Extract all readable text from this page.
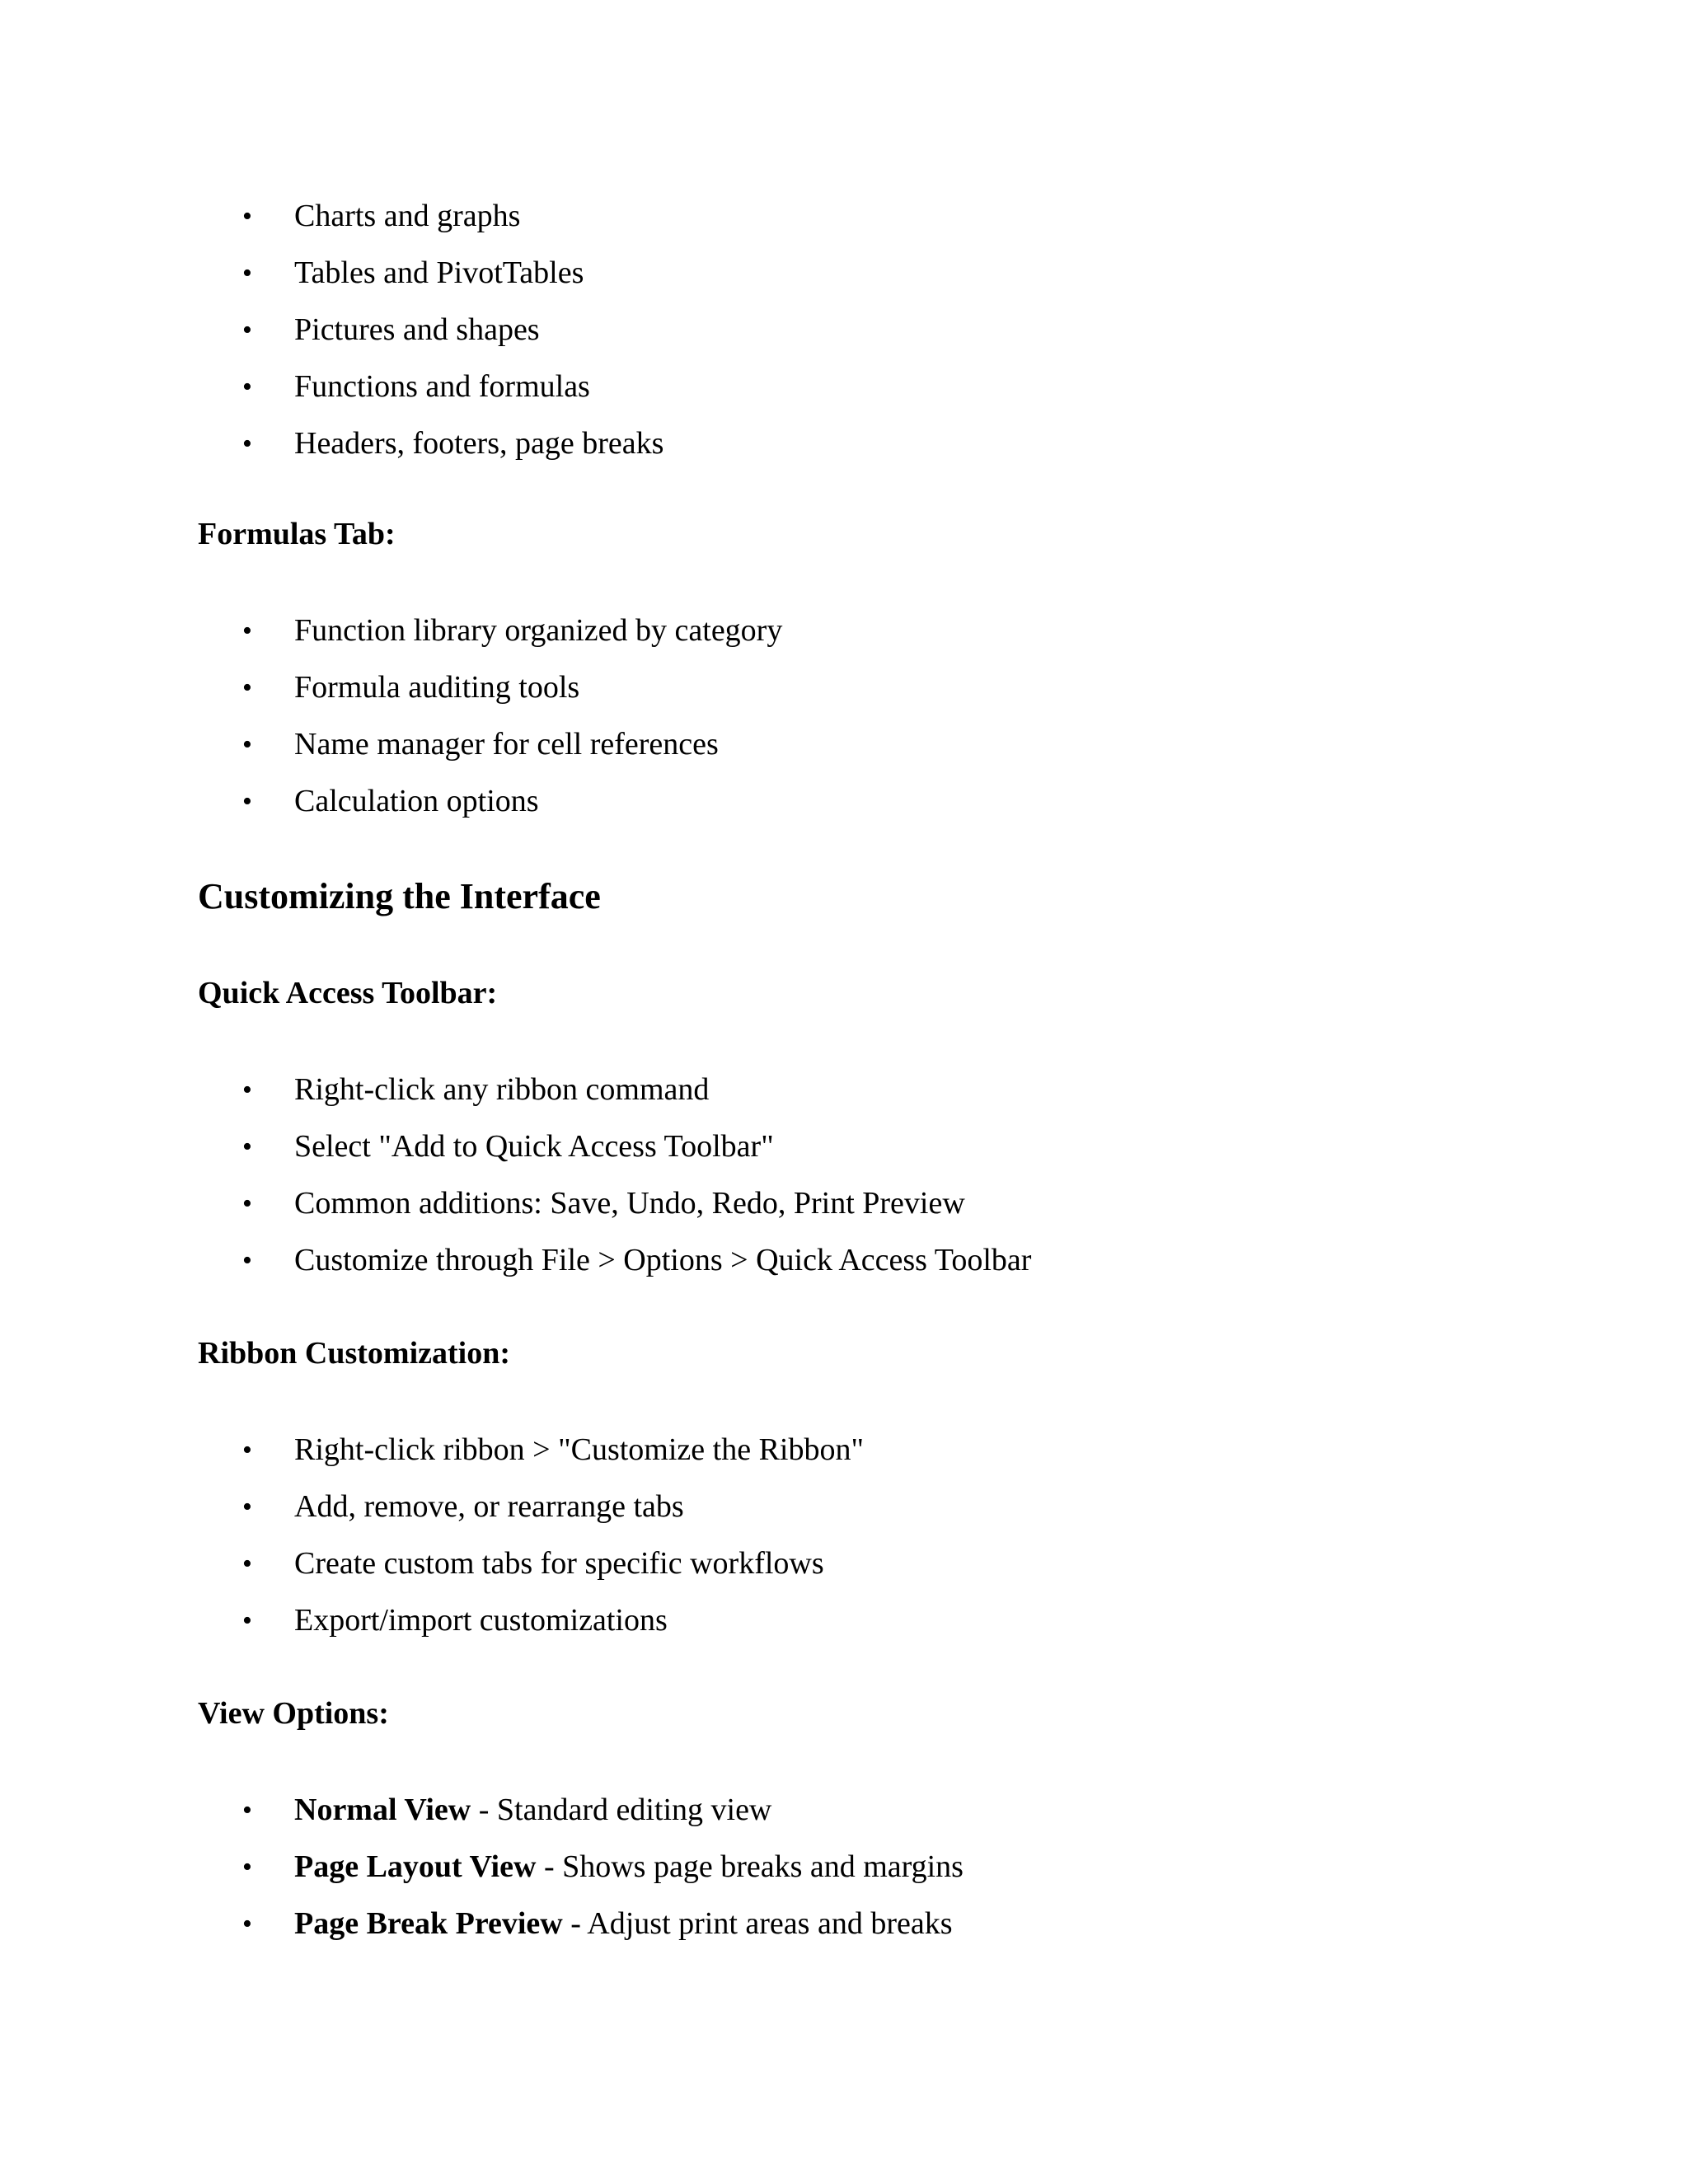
• Charts and graphs
• Tables and PivotTables
• Pictures and shapes
• Functions and formulas
• Headers, footers, page breaks
Formulas Tab:
• Function library organized by category
• Formula auditing tools
• Name manager for cell references
• Calculation options
Customizing the Interface
Quick Access Toolbar:
• Right-click any ribbon command
• Select "Add to Quick Access Toolbar"
• Common additions: Save, Undo, Redo, Print Preview
• Customize through File > Options > Quick Access Toolbar
Ribbon Customization:
• Right-click ribbon > "Customize the Ribbon"
• Add, remove, or rearrange tabs
• Create custom tabs for specific workflows
• Export/import customizations
View Options:
• Normal View - Standard editing view
• Page Layout View - Shows page breaks and margins
• Page Break Preview - Adjust print areas and breaks
